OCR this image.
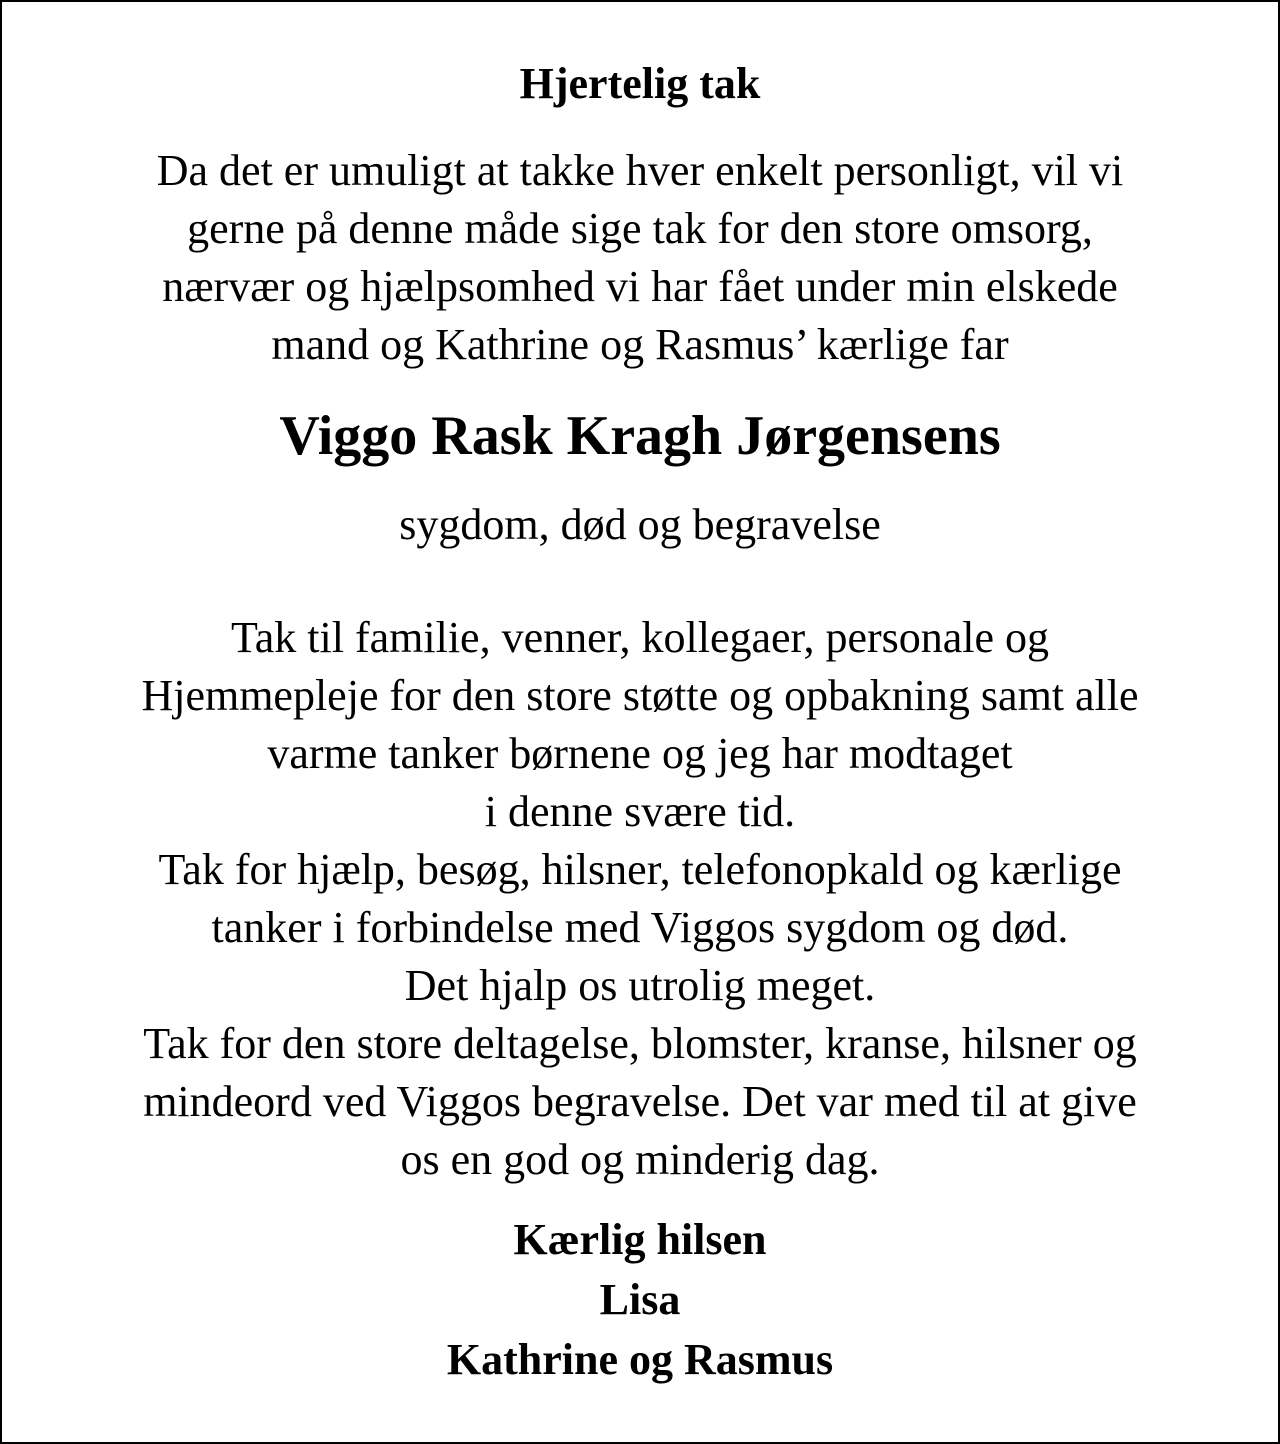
Hjertelig tak

Da det er umuligt at takke hver enkelt personligt, vil vi
gerne på denne måde sige tak for den store omsorg,
nærvær og hjælpsomhed vi har fået under min elskede
mand og Kathrine og Rasmus’ kærlige far

Viggo Rask Kragh Jørgensens

sygdom, død og begravelse

Tak til familie, venner, kollegaer, personale og
Hjemmepleje for den store støtte og opbakning samt alle
varme tanker børnene og jeg har modtaget
i denne svære tid.
Tak for hjælp, besøg, hilsner, telefonopkald og kærlige
tanker i forbindelse med Viggos sygdom og død.
Det hjalp os utrolig meget.
Tak for den store deltagelse, blomster, kranse, hilsner og
mindeord ved Viggos begravelse. Det var med til at give
os en god og minderig dag.

Kærlig hilsen
Lisa
Kathrine og Rasmus
